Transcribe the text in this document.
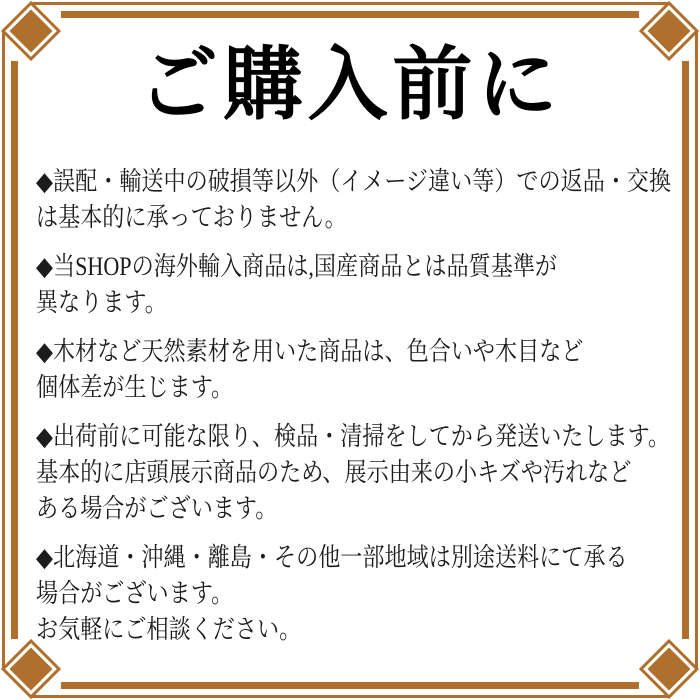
ご購入前に

◆誤配・輸送中の破損等以外（イメージ違い等）での返品・交換
は基本的に承っておりません。

◆当SHOPの海外輸入商品は,国産商品とは品質基準が
異なります。

◆木材など天然素材を用いた商品は、色合いや木目など
個体差が生じます。

◆出荷前に可能な限り、検品・清掃をしてから発送いたします。
基本的に店頭展示商品のため、展示由来の小キズや汚れなど
ある場合がございます。

◆北海道・沖縄・離島・その他一部地域は別途送料にて承る
場合がございます。
お気軽にご相談ください。
